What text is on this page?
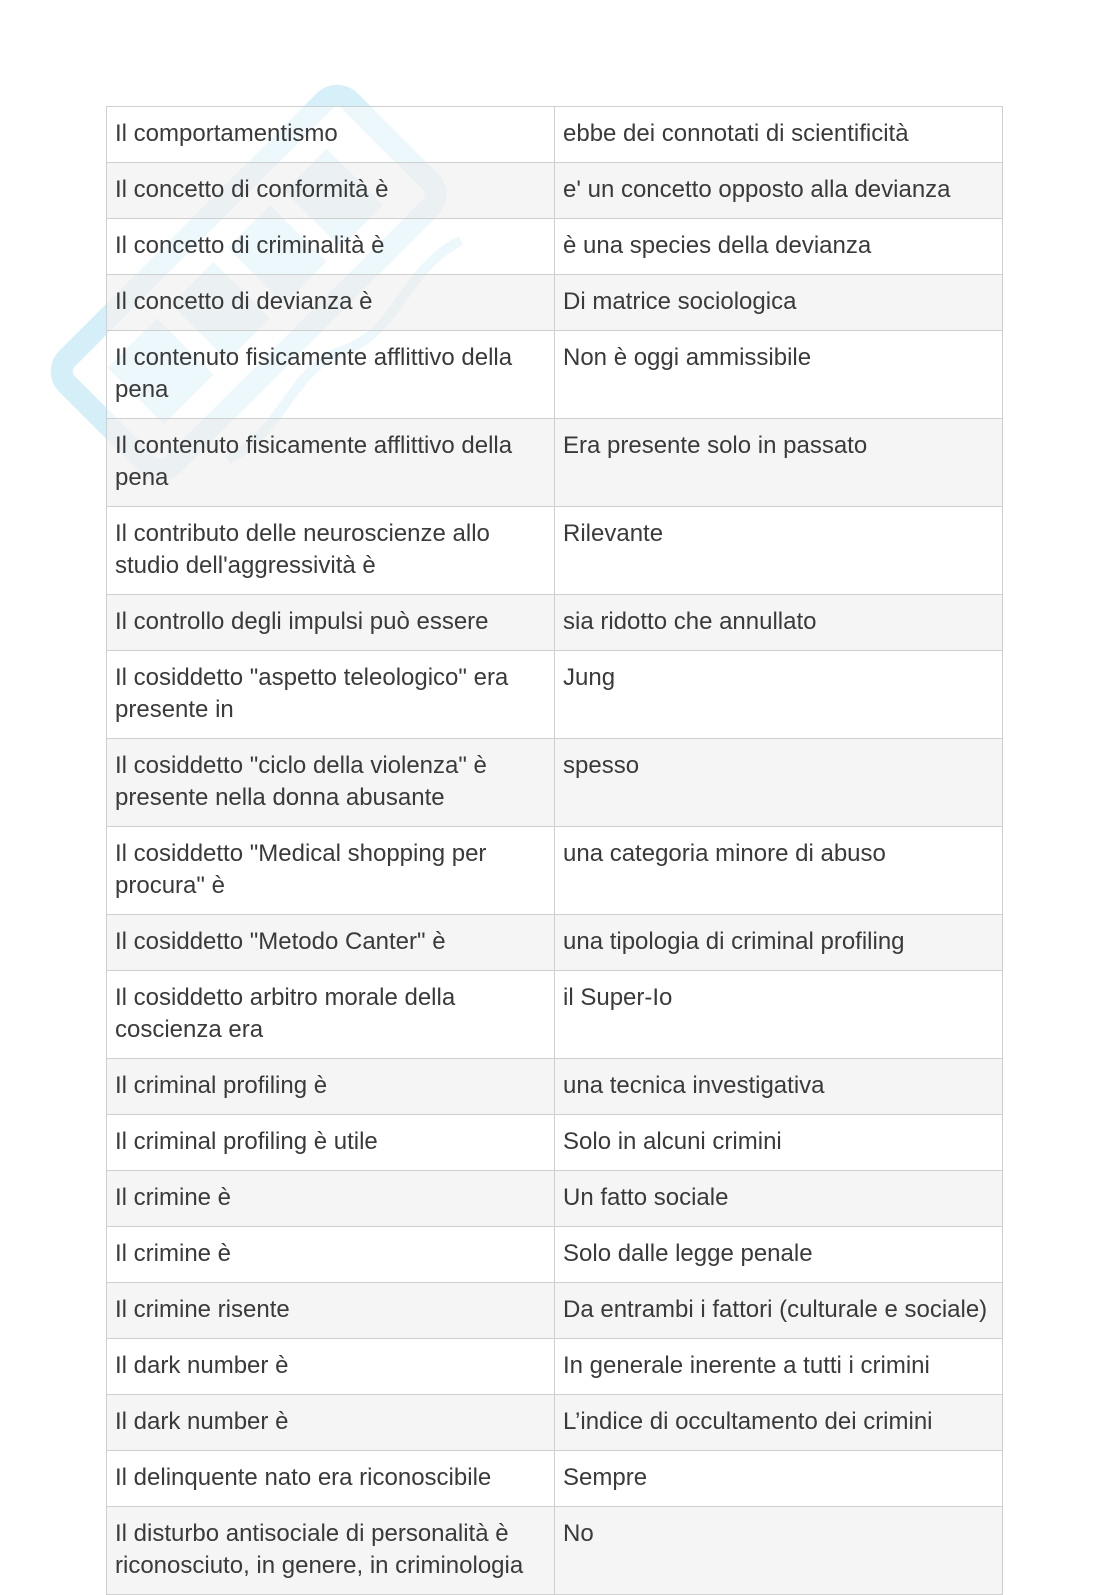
Il comportamentismo	ebbe dei connotati di scientificità
Il concetto di conformità è	e' un concetto opposto alla devianza
Il concetto di criminalità è	è una species della devianza
Il concetto di devianza è	Di matrice sociologica
Il contenuto fisicamente afflittivo della pena	Non è oggi ammissibile
Il contenuto fisicamente afflittivo della pena	Era presente solo in passato
Il contributo delle neuroscienze allo studio dell'aggressività è	Rilevante
Il controllo degli impulsi può essere	sia ridotto che annullato
Il cosiddetto "aspetto teleologico" era presente in	Jung
Il cosiddetto "ciclo della violenza" è presente nella donna abusante	spesso
Il cosiddetto "Medical shopping per procura" è	una categoria minore di abuso
Il cosiddetto "Metodo Canter" è	una tipologia di criminal profiling
Il cosiddetto arbitro morale della coscienza era	il Super-Io
Il criminal profiling è	una tecnica investigativa
Il criminal profiling è utile	Solo in alcuni crimini
Il crimine è	Un fatto sociale
Il crimine è	Solo dalle legge penale
Il crimine risente	Da entrambi i fattori (culturale e sociale)
Il dark number è	In generale inerente a tutti i crimini
Il dark number è	L’indice di occultamento dei crimini
Il delinquente nato era riconoscibile	Sempre
Il disturbo antisociale di personalità è riconosciuto, in genere, in criminologia	No
